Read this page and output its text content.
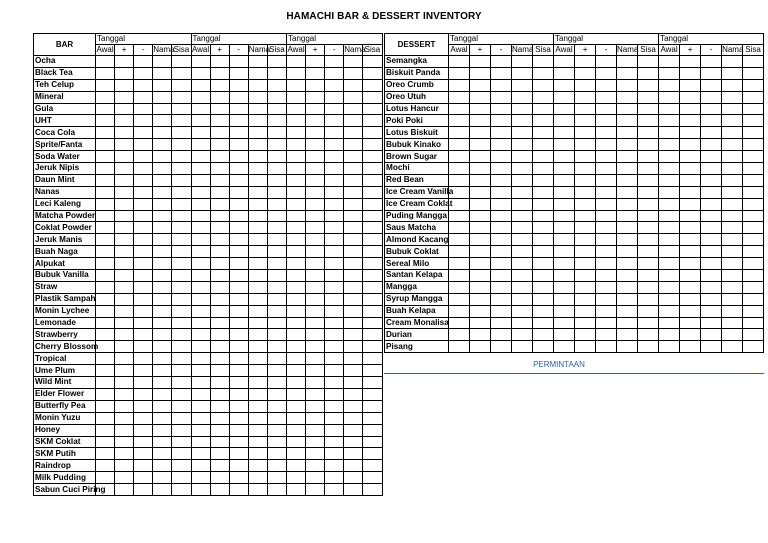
HAMACHI BAR & DESSERT INVENTORY
BAR	Tanggal					Tanggal					Tanggal				
	Awal	+	-	Nama	Sisa	Awal	+	-	Nama	Sisa	Awal	+	-	Nama	Sisa
Ocha															
Black Tea															
Teh Celup															
Mineral															
Gula															
UHT															
Coca Cola															
Sprite/Fanta															
Soda Water															
Jeruk Nipis															
Daun Mint															
Nanas															
Leci Kaleng															
Matcha Powder															
Coklat Powder															
Jeruk Manis															
Buah Naga															
Alpukat															
Bubuk Vanilla															
Straw															
Plastik Sampah															
Monin Lychee															
Lemonade															
Strawberry															
Cherry Blossom															
Tropical															
Ume Plum															
Wild Mint															
Elder Flower															
Butterfly Pea															
Monin Yuzu															
Honey															
SKM Coklat															
SKM Putih															
Raindrop															
Milk Pudding															
Sabun Cuci Piring															
DESSERT	Tanggal					Tanggal					Tanggal				
	Awal	+	-	Nama	Sisa	Awal	+	-	Nama	Sisa	Awal	+	-	Nama	Sisa
Semangka															
Biskuit Panda															
Oreo Crumb															
Oreo Utuh															
Lotus Hancur															
Poki Poki															
Lotus Biskuit															
Bubuk Kinako															
Brown Sugar															
Mochi															
Red Bean															
Ice Cream Vanilla															
Ice Cream Coklat															
Puding Mangga															
Saus Matcha															
Almond Kacang															
Bubuk Coklat															
Sereal Milo															
Santan Kelapa															
Mangga															
Syrup Mangga															
Buah Kelapa															
Cream Monalisa															
Durian															
Pisang															
PERMINTAAN
